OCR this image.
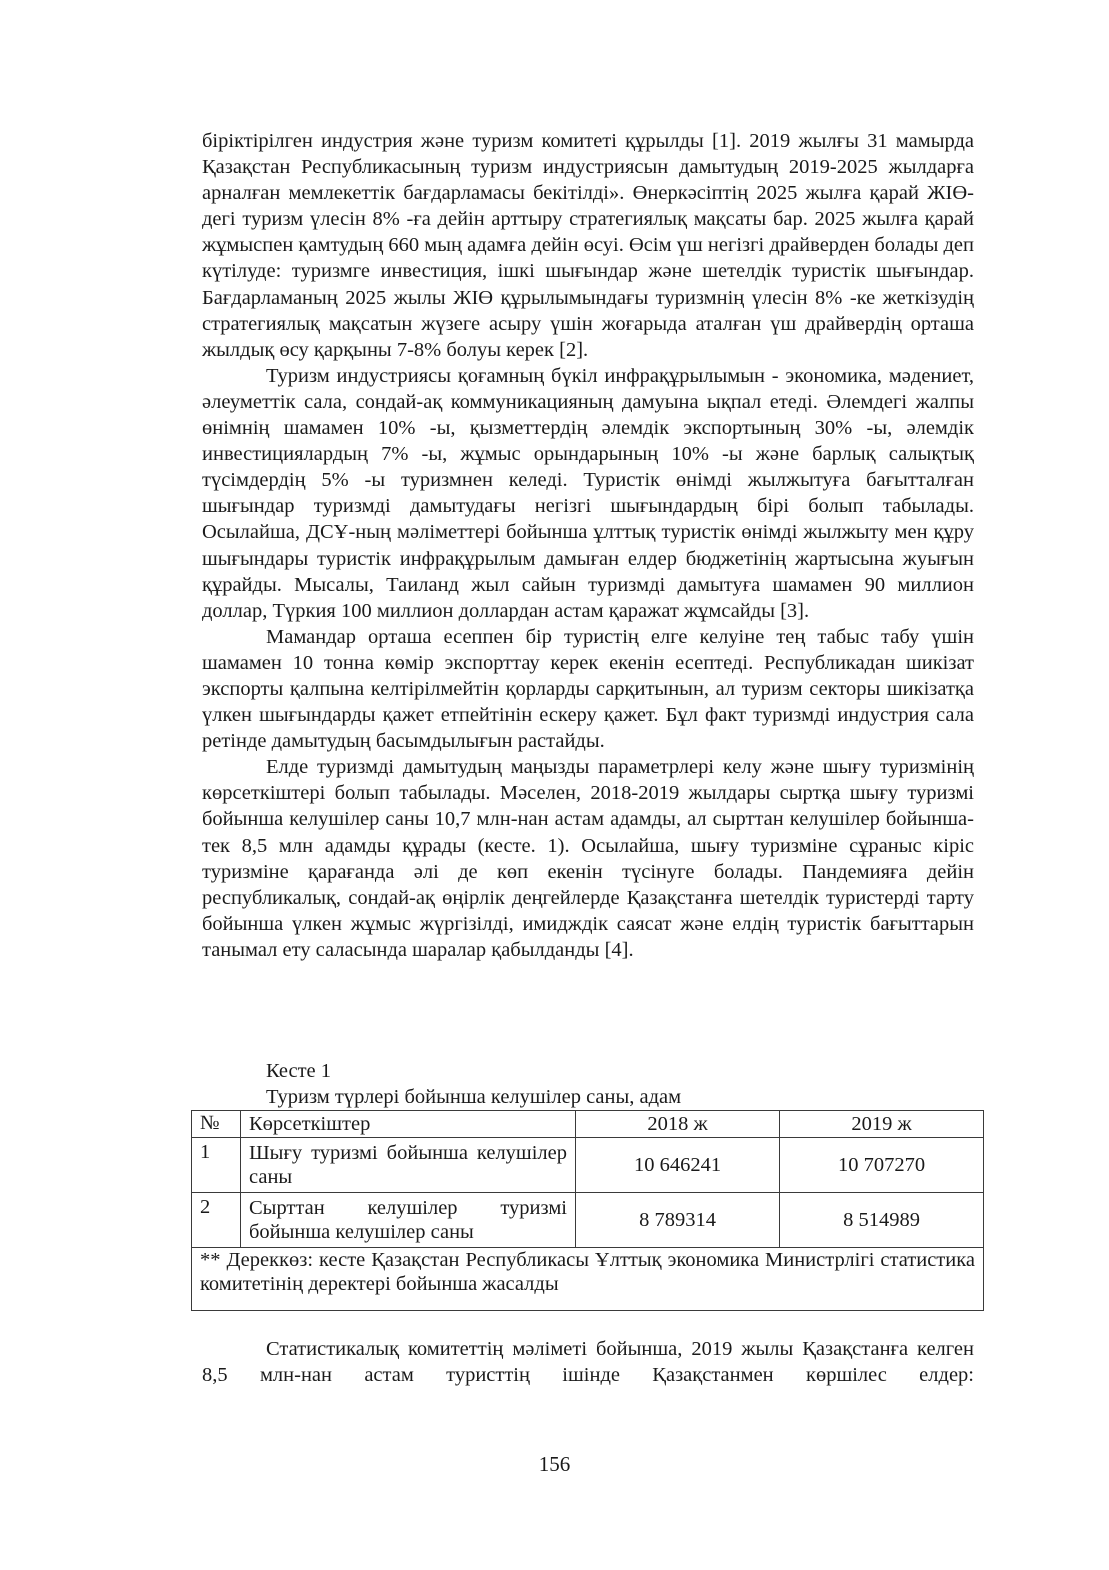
біріктірілген индустрия және туризм комитеті құрылды [1]. 2019 жылғы 31 мамырда Қазақстан Республикасының туризм индустриясын дамытудың 2019-2025 жылдарға арналған мемлекеттік бағдарламасы бекітілді». Өнеркәсіптің 2025 жылға қарай ЖІӨ-дегі туризм үлесін 8% -ға дейін арттыру стратегиялық мақсаты бар. 2025 жылға қарай жұмыспен қамтудың 660 мың адамға дейін өсуі. Өсім үш негізгі драйверден болады деп күтілуде: туризмге инвестиция, ішкі шығындар және шетелдік туристік шығындар. Бағдарламаның 2025 жылы ЖІӨ құрылымындағы туризмнің үлесін 8% -ке жеткізудің стратегиялық мақсатын жүзеге асыру үшін жоғарыда аталған үш драйвердің орташа жылдық өсу қарқыны 7-8% болуы керек [2].

Туризм индустриясы қоғамның бүкіл инфрақұрылымын - экономика, мәдениет, әлеуметтік сала, сондай-ақ коммуникацияның дамуына ықпал етеді. Әлемдегі жалпы өнімнің шамамен 10% -ы, қызметтердің әлемдік экспортының 30% -ы, әлемдік инвестициялардың 7% -ы, жұмыс орындарының 10% -ы және барлық салықтық түсімдердің 5% -ы туризмнен келеді. Туристік өнімді жылжытуға бағытталған шығындар туризмді дамытудағы негізгі шығындардың бірі болып табылады. Осылайша, ДСҰ-ның мәліметтері бойынша ұлттық туристік өнімді жылжыту мен құру шығындары туристік инфрақұрылым дамыған елдер бюджетінің жартысына жуығын құрайды. Мысалы, Таиланд жыл сайын туризмді дамытуға шамамен 90 миллион доллар, Түркия 100 миллион доллардан астам қаражат жұмсайды [3].

Мамандар орташа есеппен бір туристің елге келуіне тең табыс табу үшін шамамен 10 тонна көмір экспорттау керек екенін есептеді. Республикадан шикізат экспорты қалпына келтірілмейтін қорларды сарқитынын, ал туризм секторы шикізатқа үлкен шығындарды қажет етпейтінін ескеру қажет. Бұл факт туризмді индустрия сала ретінде дамытудың басымдылығын растайды.

Елде туризмді дамытудың маңызды параметрлері келу және шығу туризмінің көрсеткіштері болып табылады. Мәселен, 2018-2019 жылдары сыртқа шығу туризмі бойынша келушілер саны 10,7 млн-нан астам адамды, ал сырттан келушілер бойынша-тек 8,5 млн адамды құрады (кесте. 1). Осылайша, шығу туризміне сұраныс кіріс туризміне қарағанда әлі де көп екенін түсінуге болады. Пандемияға дейін республикалық, сондай-ақ өңірлік деңгейлерде Қазақстанға шетелдік туристерді тарту бойынша үлкен жұмыс жүргізілді, имидждік саясат және елдің туристік бағыттарын танымал ету саласында шаралар қабылданды [4].

Кесте 1
Туризм түрлері бойынша келушілер саны, адам
№	Көрсеткіштер	2018 ж	2019 ж
1	Шығу туризмі бойынша келушілер саны	10 646241	10 707270
2	Сырттан келушілер туризмі бойынша келушілер саны	8 789314	8 514989
** Дереккөз: кесте Қазақстан Республикасы Ұлттық экономика Министрлігі статистика комитетінің деректері бойынша жасалды			

Статистикалық комитеттің мәліметі бойынша, 2019 жылы Қазақстанға келген 8,5 млн-нан астам туристтің ішінде Қазақстанмен көршілес елдер:

156
